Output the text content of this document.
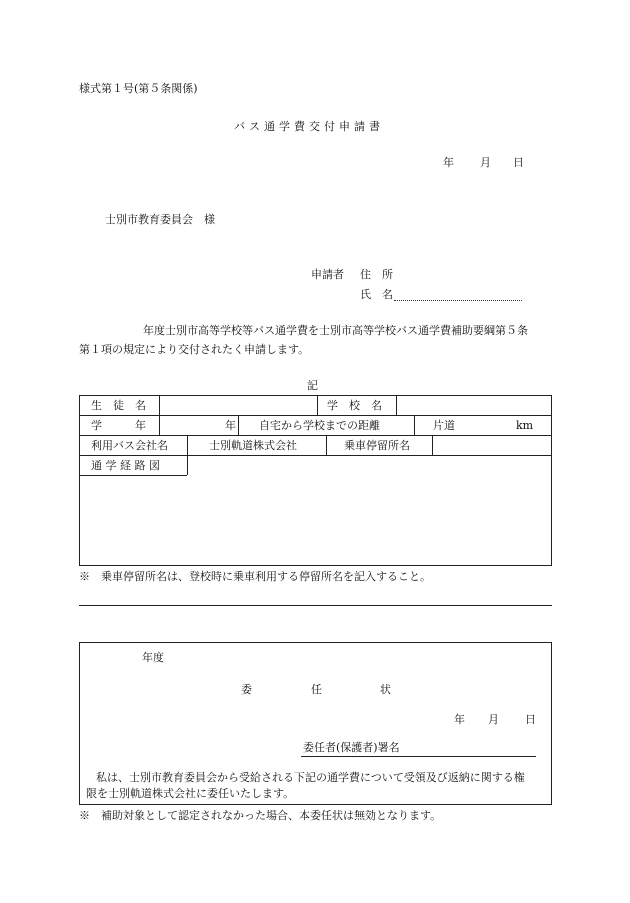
様式第１号(第５条関係)
バス通学費交付申請書
年 月 日
士別市教育委員会　様
申請者 住　所
氏　名
年度士別市高等学校等バス通学費を士別市高等学校バス通学費補助要綱第５条
第１項の規定により交付されたく申請します。
記
生　徒　名	学　校　名
学　　　年	年 自宅から学校までの距離	片道	km
利用バス会社名	士別軌道株式会社	乗車停留所名
通 学 経 路 図
※　乗車停留所名は、登校時に乗車利用する停留所名を記入すること。
年度
委	任	状
年 月 日
委任者(保護者)署名
私は、士別市教育委員会から受給される下記の通学費について受領及び返納に関する権
限を士別軌道株式会社に委任いたします。
※　補助対象として認定されなかった場合、本委任状は無効となります。
